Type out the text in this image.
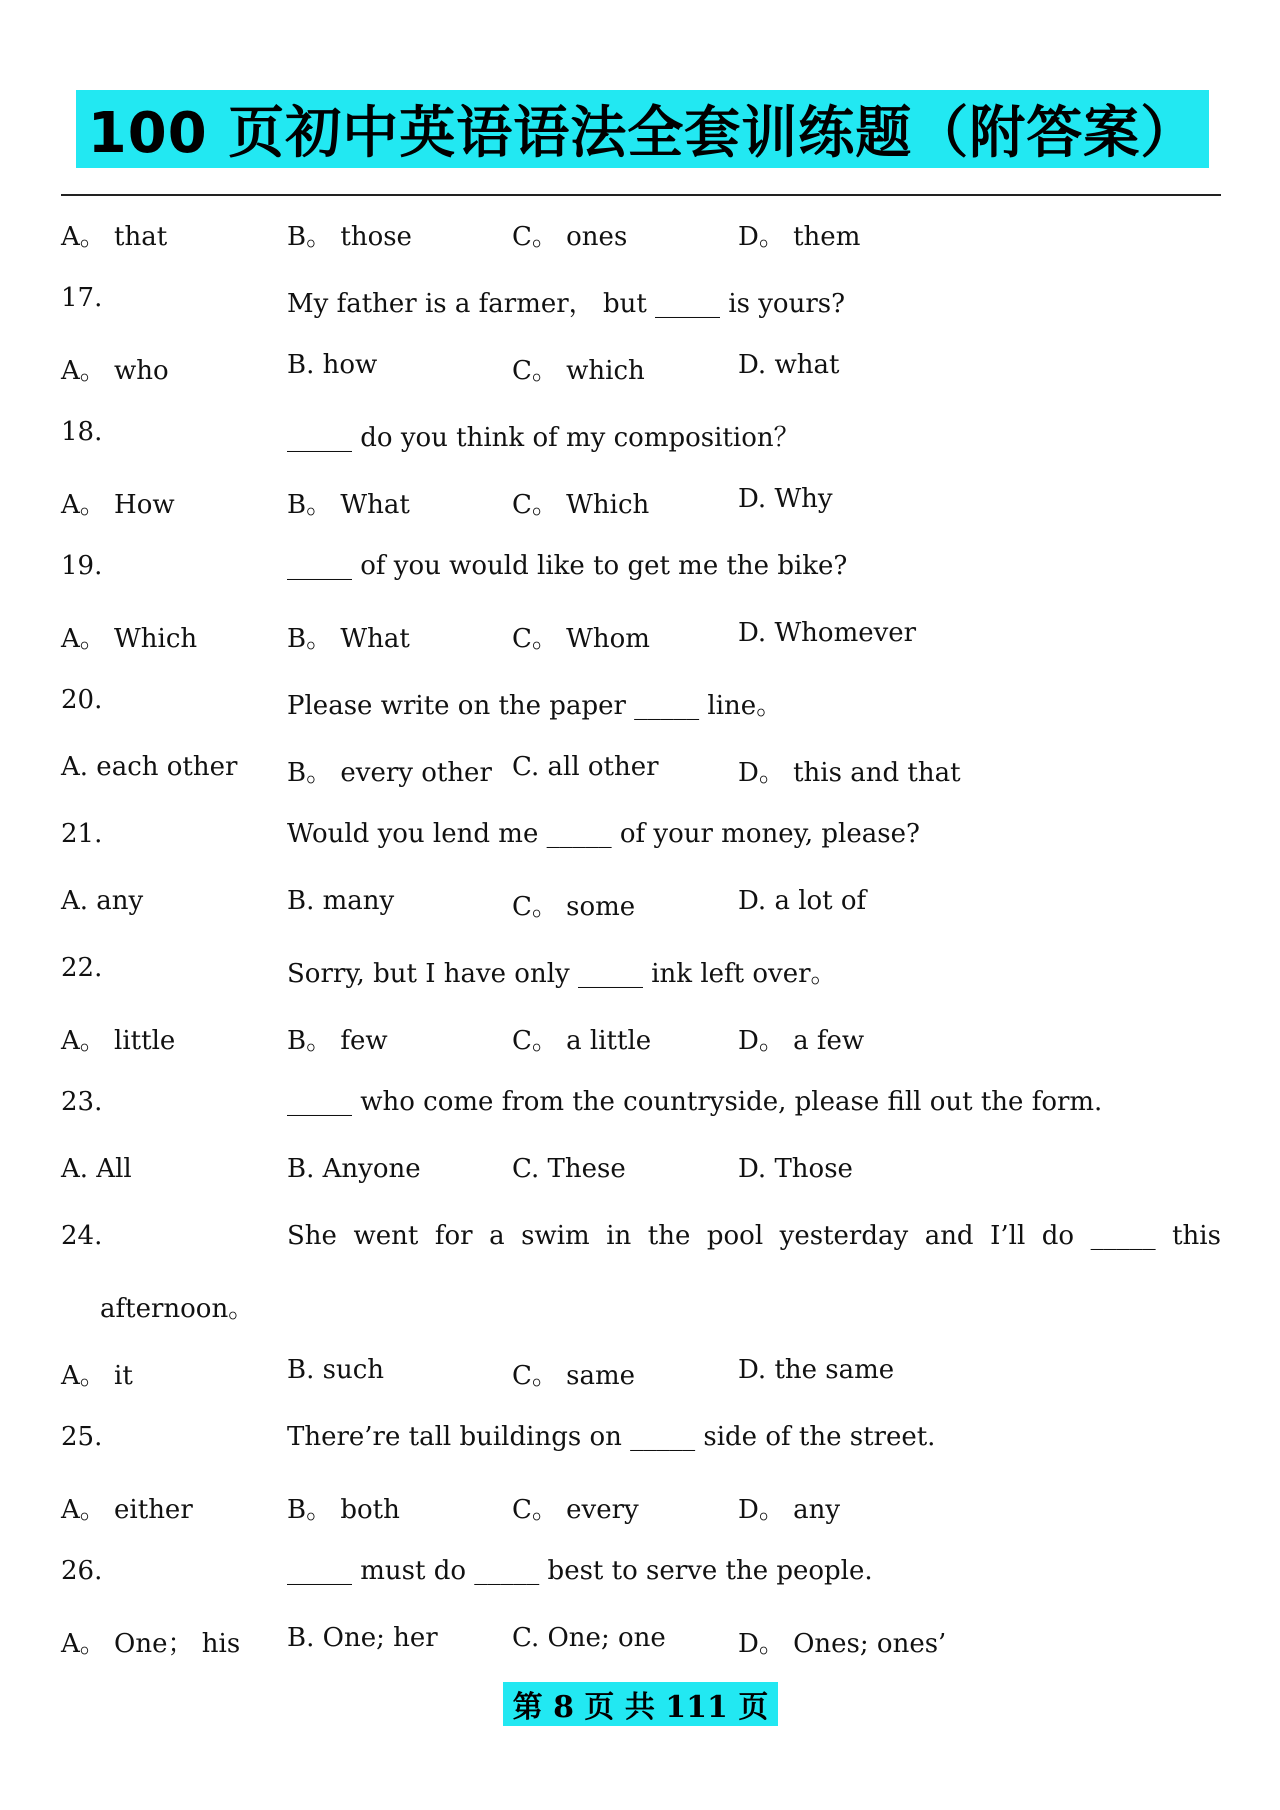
100 页初中英语语法全套训练题（附答案）
A。 that	B。 those	C。 ones	D。 them
17.	My father is a farmer， but _____ is yours?
A。 who	B. how	C。 which	D. what
18.	_____ do you think of my composition？
A。 How	B。 What	C。 Which	D. Why
19.	_____ of you would like to get me the bike?
A。 Which	B。 What	C。 Whom	D. Whomever
20.	Please write on the paper _____ line。
A. each other B。 every other C. all other	D。 this and that
21.	Would you lend me _____ of your money, please?
A. any	B. many	C。 some	D. a lot of
22.	Sorry, but I have only _____ ink left over。
A。 little	B。 few	C。 a little	D。 a few
23.	_____ who come from the countryside, please fill out the form.
A. All	B. Anyone	C. These	D. Those
24.	She went for a swim in the pool yesterday and I’ll do _____ this
afternoon。
A。 it	B. such	C。 same	D. the same
25.	There’re tall buildings on _____ side of the street.
A。 either	B。 both	C。 every	D。 any
26.	_____ must do _____ best to serve the people.
A。 One； his B. One; her	C. One; one	D。 Ones; ones’
第 8 页 共 111 页
